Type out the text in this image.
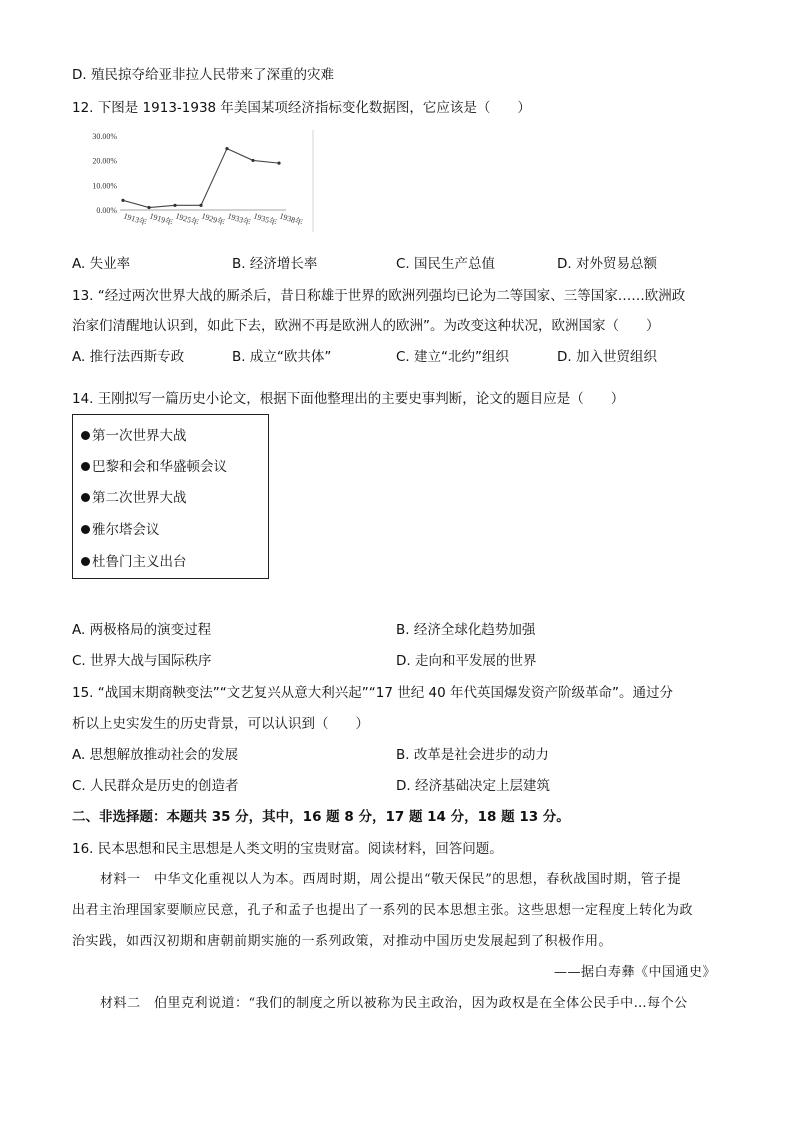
D. 殖民掠夺给亚非拉人民带来了深重的灾难
12. 下图是 1913-1938 年美国某项经济指标变化数据图，它应该是（　　）
0.00%
10.00%
20.00%
30.00%
1913年 1919年 1925年 1929年 1933年 1935年 1938年
A. 失业率	B. 经济增长率	C. 国民生产总值	D. 对外贸易总额
13. “经过两次世界大战的厮杀后，昔日称雄于世界的欧洲列强均已论为二等国家、三等国家……欧洲政
治家们清醒地认识到，如此下去，欧洲不再是欧洲人的欧洲”。为改变这种状况，欧洲国家（　　）
A. 推行法西斯专政	B. 成立“欧共体”	C. 建立“北约”组织	D. 加入世贸组织
14. 王刚拟写一篇历史小论文，根据下面他整理出的主要史事判断，论文的题目应是（　　）
第一次世界大战
巴黎和会和华盛顿会议
第二次世界大战
雅尔塔会议
杜鲁门主义出台
A. 两极格局的演变过程	B. 经济全球化趋势加强
C. 世界大战与国际秩序	D. 走向和平发展的世界
15. “战国末期商鞅变法”“文艺复兴从意大利兴起”“17 世纪 40 年代英国爆发资产阶级革命”。通过分
析以上史实发生的历史背景，可以认识到（　　）
A. 思想解放推动社会的发展	B. 改革是社会进步的动力
C. 人民群众是历史的创造者	D. 经济基础决定上层建筑
二、非选择题：本题共 35 分，其中，16 题 8 分，17 题 14 分，18 题 13 分。
16. 民本思想和民主思想是人类文明的宝贵财富。阅读材料，回答问题。
材料一　中华文化重视以人为本。西周时期，周公提出“敬天保民”的思想，春秋战国时期，管子提
出君主治理国家要顺应民意，孔子和孟子也提出了一系列的民本思想主张。这些思想一定程度上转化为政
治实践，如西汉初期和唐朝前期实施的一系列政策，对推动中国历史发展起到了积极作用。
——据白寿彝《中国通史》
材料二　伯里克利说道：“我们的制度之所以被称为民主政治，因为政权是在全体公民手中…每个公
